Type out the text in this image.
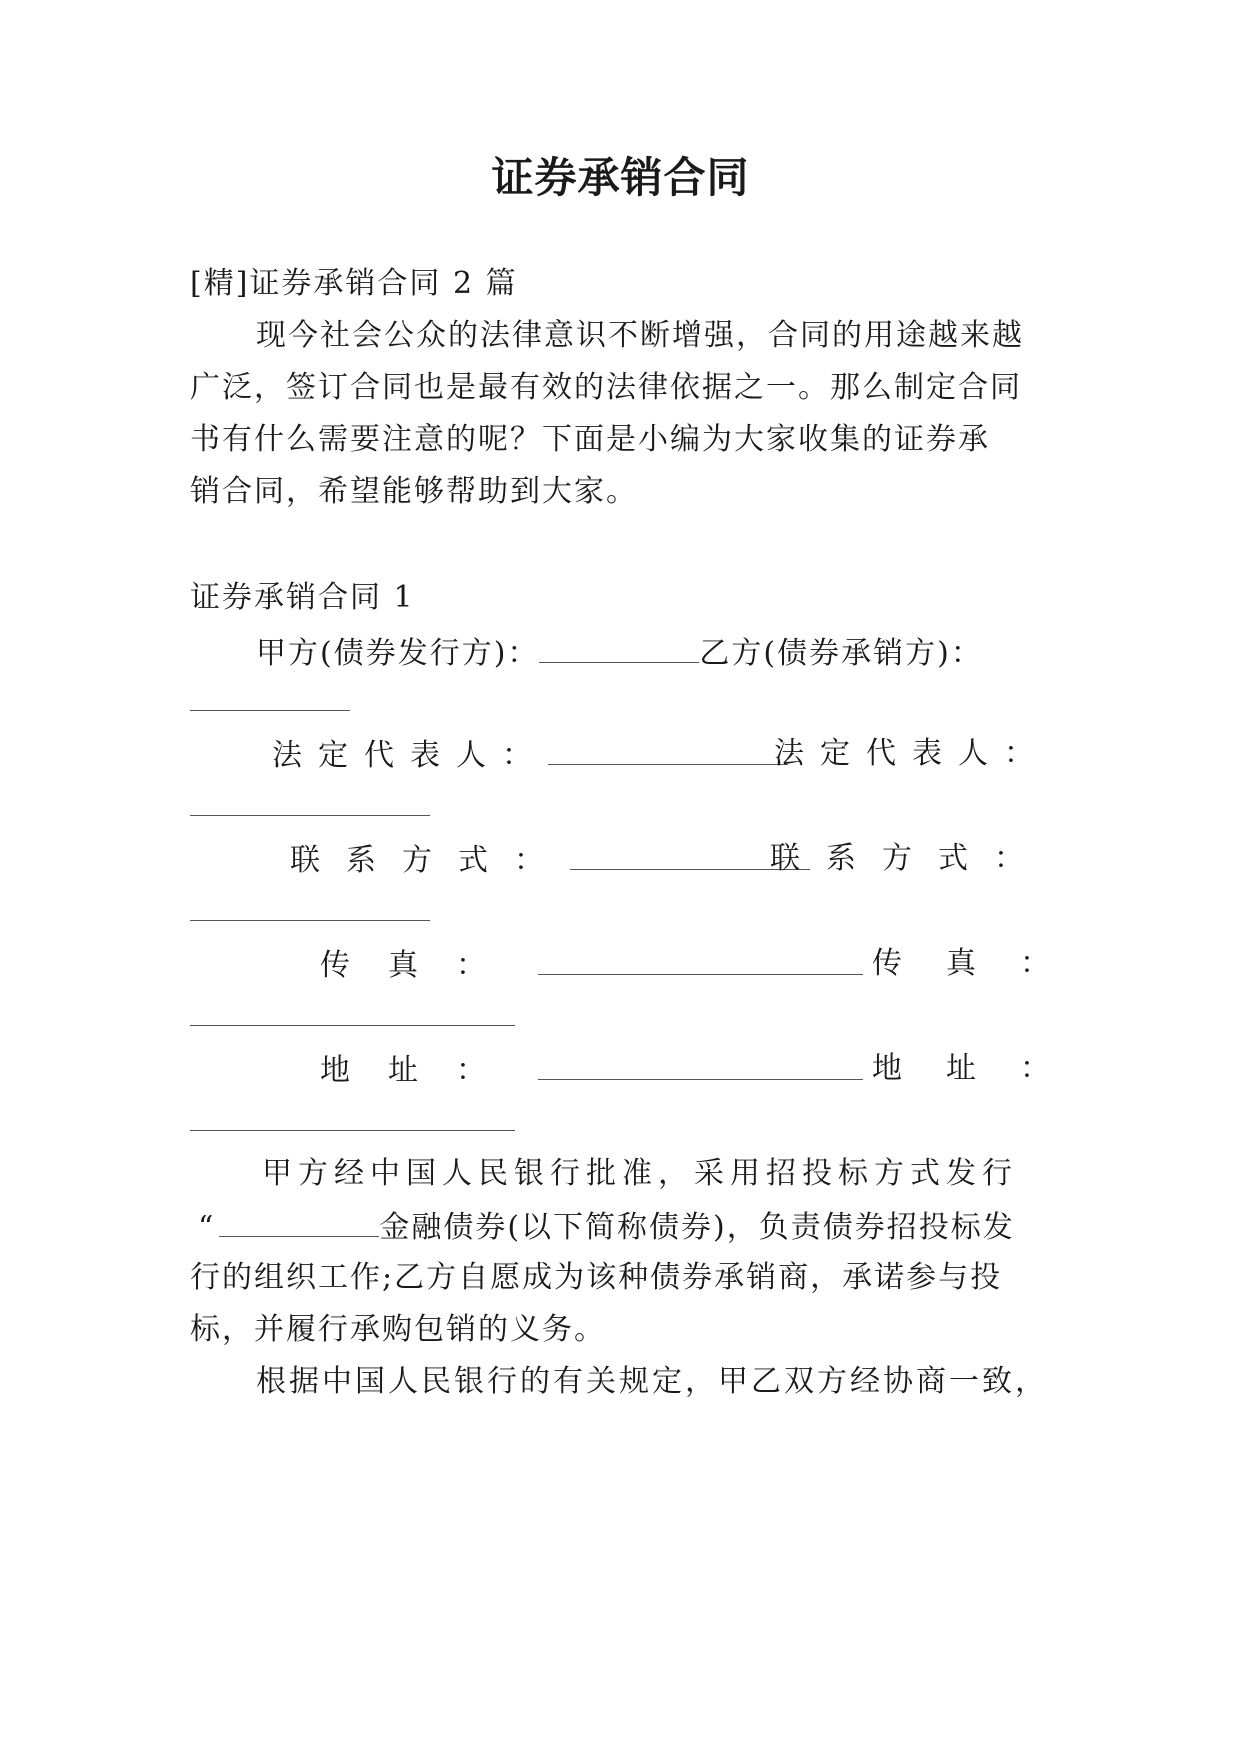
证券承销合同

[精]证券承销合同 2 篇

现今社会公众的法律意识不断增强，合同的用途越来越

广泛，签订合同也是最有效的法律依据之一。那么制定合同

书有什么需要注意的呢？下面是小编为大家收集的证券承

销合同，希望能够帮助到大家。

证券承销合同 1

甲方(债券发行方)：	乙方(债券承销方)：
法定代表人：	法定代表人：
联系方式：	联系方式：
传真：	传真：
地址：	地址：

甲方经中国人民银行批准，采用招投标方式发行

“	金融债券(以下简称债券)，负责债券招投标发

行的组织工作;乙方自愿成为该种债券承销商，承诺参与投

标，并履行承购包销的义务。

根据中国人民银行的有关规定，甲乙双方经协商一致，
